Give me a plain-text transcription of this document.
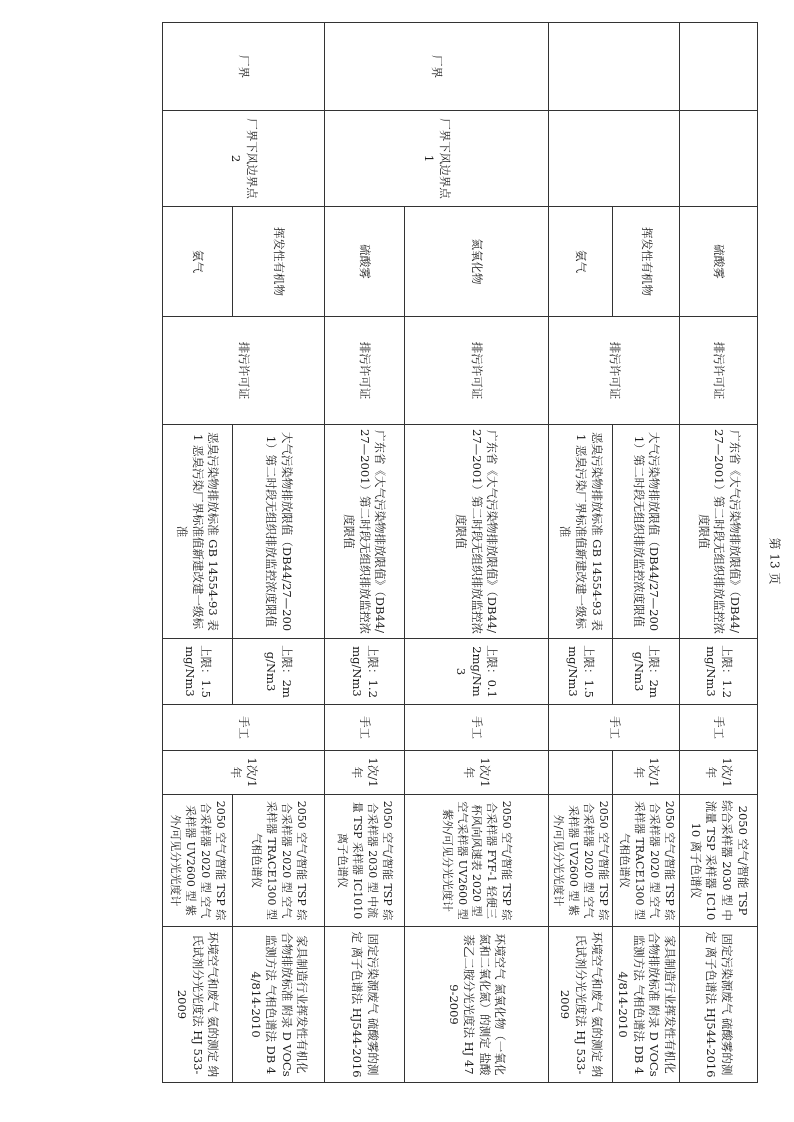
第 13 页
		硫酸雾	排污许可证	广东省《大气污染物排放限值》（DB44/27—2001）第二时段无组织排放监控浓度限值	上限：1.2mg/Nm3	手工	1次/1年	2050 空气/智能 TSP 综合采样器 2030 型 中流量 TSP 采样器 IC1010 离子色谱仪	固定污染源废气 硫酸雾的测定 离子色谱法 HJ544-2016
		挥发性有机物	排污许可证	大气污染物排放限值（DB44/27—2001）第二时段无组织排放监控浓度限值	上限：2mg/Nm3	手工	1次/1年	2050 空气/智能 TSP 综合采样器 2020 型 空气采样器 TRACE1300 型 气相色谱仪	家具制造行业挥发性有机化合物排放标准 附录 D VOCs 监测方法 气相色谱法 DB 44/814-2010
		氨气		恶臭污染物排放标准 GB 14554-93 表 1 恶臭污染厂界标准值新建改建一级标准	上限：1.5mg/Nm3			2050 空气/智能 TSP 综合采样器 2020 型 空气采样器 UV2600 型 紫外/可见分光光度计	环境空气和废气 氨的测定 纳氏试剂分光光度法 HJ 533-2009

厂界	厂界下风边界点 1	氮氧化物	排污许可证	广东省《大气污染物排放限值》（DB44/27—2001）第二时段无组织排放监控浓度限值	上限：0.12mg/Nm3	手工	1次/1年	2050 空气/智能 TSP 综合采样器 FYF-1 轻便三杯风向风速表 2020 型 空气采样器 UV2600 型 紫外/可见分光光度计	环境空气 氮氧化物（一氧化氮和二氧化氮）的测定 盐酸萘乙二胺分光光度法 HJ 479-2009

		硫酸雾	排污许可证	广东省《大气污染物排放限值》（DB44/27—2001）第二时段无组织排放监控浓度限值	上限：1.2mg/Nm3	手工	1次/1年	2050 空气/智能 TSP 综合采样器 2030 型 中流量 TSP 采样器 IC1010 离子色谱仪	固定污染源废气 硫酸雾的测定 离子色谱法 HJ544-2016
厂界	厂界下风边界点 2	挥发性有机物	排污许可证	大气污染物排放限值（DB44/27—2001）第二时段无组织排放监控浓度限值	上限：2mg/Nm3	手工	1次/1年	2050 空气/智能 TSP 综合采样器 2020 型 空气采样器 TRACE1300 型 气相色谱仪	家具制造行业挥发性有机化合物排放标准 附录 D VOCs 监测方法 气相色谱法 DB 44/814-2010

		氨气		恶臭污染物排放标准 GB 14554-93 表 1 恶臭污染厂界标准值新建改建一级标准	上限：1.5mg/Nm3			2050 空气/智能 TSP 综合采样器 2020 型 空气采样器 UV2600 型 紫外/可见分光光度计	环境空气和废气 氨的测定 纳氏试剂分光光度法 HJ 533-2009
